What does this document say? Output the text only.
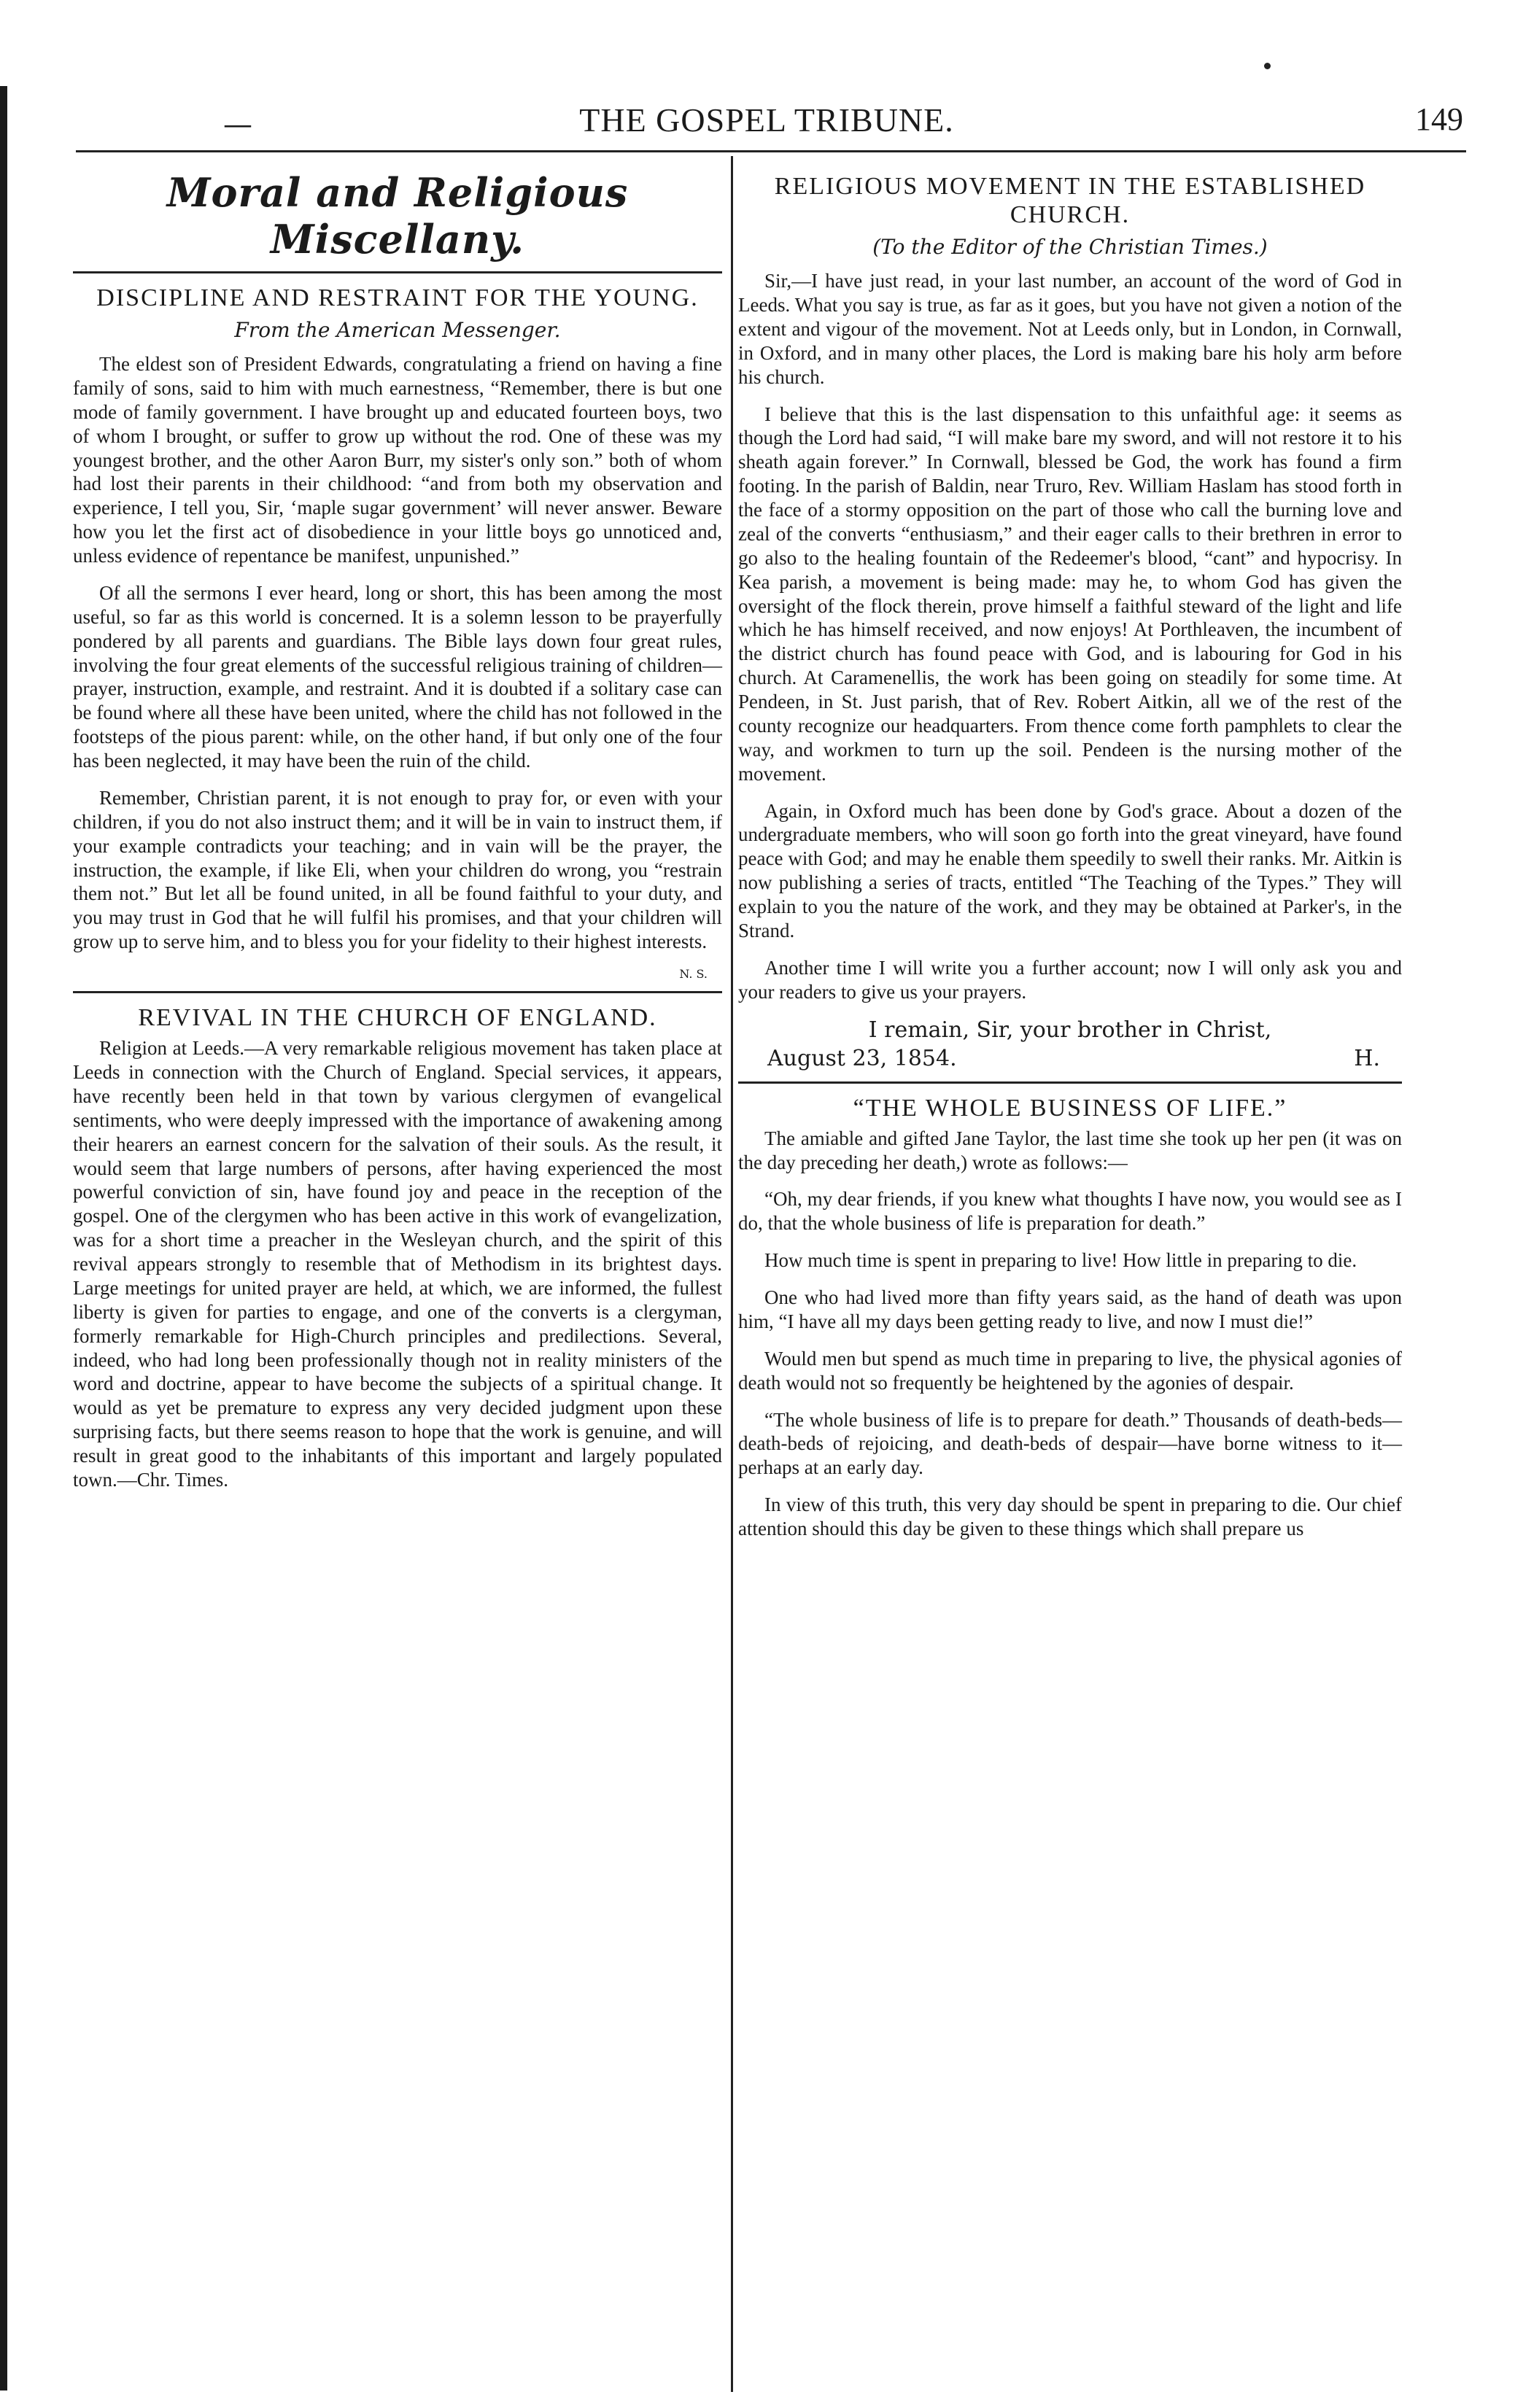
—	THE GOSPEL TRIBUNE.	149
Moral and Religious Miscellany.
DISCIPLINE AND RESTRAINT FOR THE YOUNG.
From the American Messenger.

The eldest son of President Edwards, congratulating a friend on having a fine family of sons, said to him with much earnestness, “Remember, there is but one mode of family government. I have brought up and educated fourteen boys, two of whom I brought, or suffer to grow up without the rod. One of these was my youngest brother, and the other Aaron Burr, my sister's only son.” both of whom had lost their parents in their childhood: “and from both my observation and experience, I tell you, Sir, ‘maple sugar government’ will never answer. Beware how you let the first act of disobedience in your little boys go unnoticed and, unless evidence of repentance be manifest, unpunished.”

Of all the sermons I ever heard, long or short, this has been among the most useful, so far as this world is concerned. It is a solemn lesson to be prayerfully pondered by all parents and guardians. The Bible lays down four great rules, involving the four great elements of the successful religious training of children—prayer, instruction, example, and restraint. And it is doubted if a solitary case can be found where all these have been united, where the child has not followed in the footsteps of the pious parent: while, on the other hand, if but only one of the four has been neglected, it may have been the ruin of the child.

Remember, Christian parent, it is not enough to pray for, or even with your children, if you do not also instruct them; and it will be in vain to instruct them, if your example contradicts your teaching; and in vain will be the prayer, the instruction, the example, if like Eli, when your children do wrong, you “restrain them not.” But let all be found united, in all be found faithful to your duty, and you may trust in God that he will fulfil his promises, and that your children will grow up to serve him, and to bless you for your fidelity to their highest interests.

N. S.
REVIVAL IN THE CHURCH OF ENGLAND.

Religion at Leeds.—A very remarkable religious movement has taken place at Leeds in connection with the Church of England. Special services, it appears, have recently been held in that town by various clergymen of evangelical sentiments, who were deeply impressed with the importance of awakening among their hearers an earnest concern for the salvation of their souls. As the result, it would seem that large numbers of persons, after having experienced the most powerful conviction of sin, have found joy and peace in the reception of the gospel. One of the clergymen who has been active in this work of evangelization, was for a short time a preacher in the Wesleyan church, and the spirit of this revival appears strongly to resemble that of Methodism in its brightest days. Large meetings for united prayer are held, at which, we are informed, the fullest liberty is given for parties to engage, and one of the converts is a clergyman, formerly remarkable for High-Church principles and predilections. Several, indeed, who had long been professionally though not in reality ministers of the word and doctrine, appear to have become the subjects of a spiritual change. It would as yet be premature to express any very decided judgment upon these surprising facts, but there seems reason to hope that the work is genuine, and will result in great good to the inhabitants of this important and largely populated town.—Chr. Times.

RELIGIOUS MOVEMENT IN THE ESTABLISHED CHURCH.
(To the Editor of the Christian Times.)

Sir,—I have just read, in your last number, an account of the word of God in Leeds. What you say is true, as far as it goes, but you have not given a notion of the extent and vigour of the movement. Not at Leeds only, but in London, in Cornwall, in Oxford, and in many other places, the Lord is making bare his holy arm before his church.

I believe that this is the last dispensation to this unfaithful age: it seems as though the Lord had said, “I will make bare my sword, and will not restore it to his sheath again forever.” In Cornwall, blessed be God, the work has found a firm footing. In the parish of Baldin, near Truro, Rev. William Haslam has stood forth in the face of a stormy opposition on the part of those who call the burning love and zeal of the converts “enthusiasm,” and their eager calls to their brethren in error to go also to the healing fountain of the Redeemer's blood, “cant” and hypocrisy. In Kea parish, a movement is being made: may he, to whom God has given the oversight of the flock therein, prove himself a faithful steward of the light and life which he has himself received, and now enjoys! At Porthleaven, the incumbent of the district church has found peace with God, and is labouring for God in his church. At Caramenellis, the work has been going on steadily for some time. At Pendeen, in St. Just parish, that of Rev. Robert Aitkin, all we of the rest of the county recognize our headquarters. From thence come forth pamphlets to clear the way, and workmen to turn up the soil. Pendeen is the nursing mother of the movement.

Again, in Oxford much has been done by God's grace. About a dozen of the undergraduate members, who will soon go forth into the great vineyard, have found peace with God; and may he enable them speedily to swell their ranks. Mr. Aitkin is now publishing a series of tracts, entitled “The Teaching of the Types.” They will explain to you the nature of the work, and they may be obtained at Parker's, in the Strand.

Another time I will write you a further account; now I will only ask you and your readers to give us your prayers.

I remain, Sir, your brother in Christ,
August 23, 1854.	H.
“THE WHOLE BUSINESS OF LIFE.”

The amiable and gifted Jane Taylor, the last time she took up her pen (it was on the day preceding her death,) wrote as follows:—

“Oh, my dear friends, if you knew what thoughts I have now, you would see as I do, that the whole business of life is preparation for death.”

How much time is spent in preparing to live! How little in preparing to die.

One who had lived more than fifty years said, as the hand of death was upon him, “I have all my days been getting ready to live, and now I must die!”

Would men but spend as much time in preparing to live, the physical agonies of death would not so frequently be heightened by the agonies of despair.

“The whole business of life is to prepare for death.” Thousands of death-beds—death-beds of rejoicing, and death-beds of despair—have borne witness to it—perhaps at an early day.

In view of this truth, this very day should be spent in preparing to die. Our chief attention should this day be given to these things which shall prepare us
